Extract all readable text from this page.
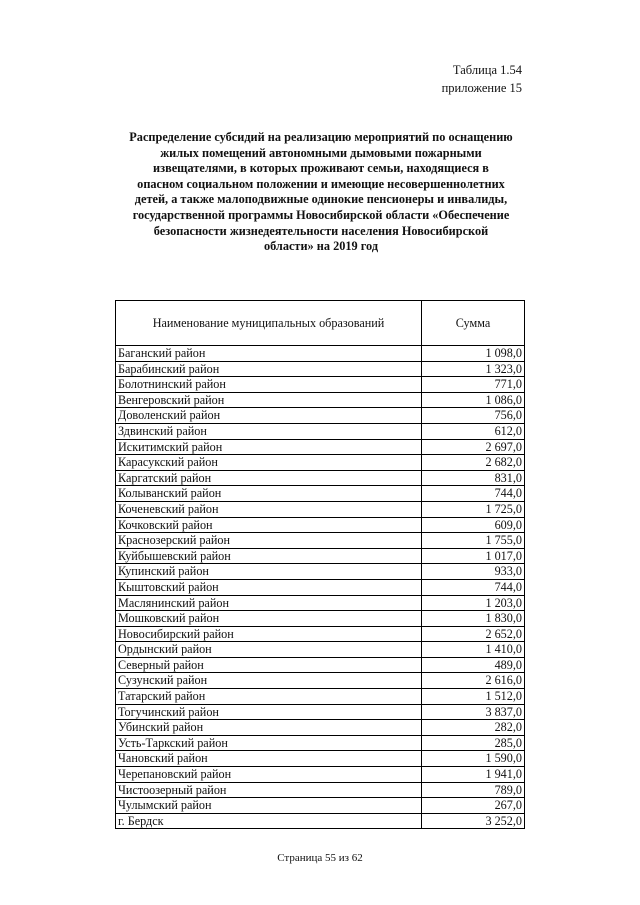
Таблица 1.54
приложение 15
Распределение субсидий на реализацию мероприятий по оснащению
жилых помещений автономными дымовыми пожарными
извещателями, в которых проживают семьи, находящиеся в
опасном социальном положении и имеющие несовершеннолетних
детей, а также малоподвижные одинокие пенсионеры и инвалиды,
государственной программы Новосибирской области «Обеспечение
безопасности жизнедеятельности населения Новосибирской
области» на 2019 год
Наименование муниципальных образований	Сумма
Баганский район	1 098,0
Барабинский район	1 323,0
Болотнинский район	771,0
Венгеровский район	1 086,0
Доволенский район	756,0
Здвинский район	612,0
Искитимский район	2 697,0
Карасукский район	2 682,0
Каргатский район	831,0
Колыванский район	744,0
Коченевский район	1 725,0
Кочковский район	609,0
Краснозерский район	1 755,0
Куйбышевский район	1 017,0
Купинский район	933,0
Кыштовский район	744,0
Маслянинский район	1 203,0
Мошковский район	1 830,0
Новосибирский район	2 652,0
Ордынский район	1 410,0
Северный район	489,0
Сузунский район	2 616,0
Татарский район	1 512,0
Тогучинский район	3 837,0
Убинский район	282,0
Усть-Таркский район	285,0
Чановский район	1 590,0
Черепановский район	1 941,0
Чистоозерный район	789,0
Чулымский район	267,0
г. Бердск	3 252,0
Страница 55 из 62
